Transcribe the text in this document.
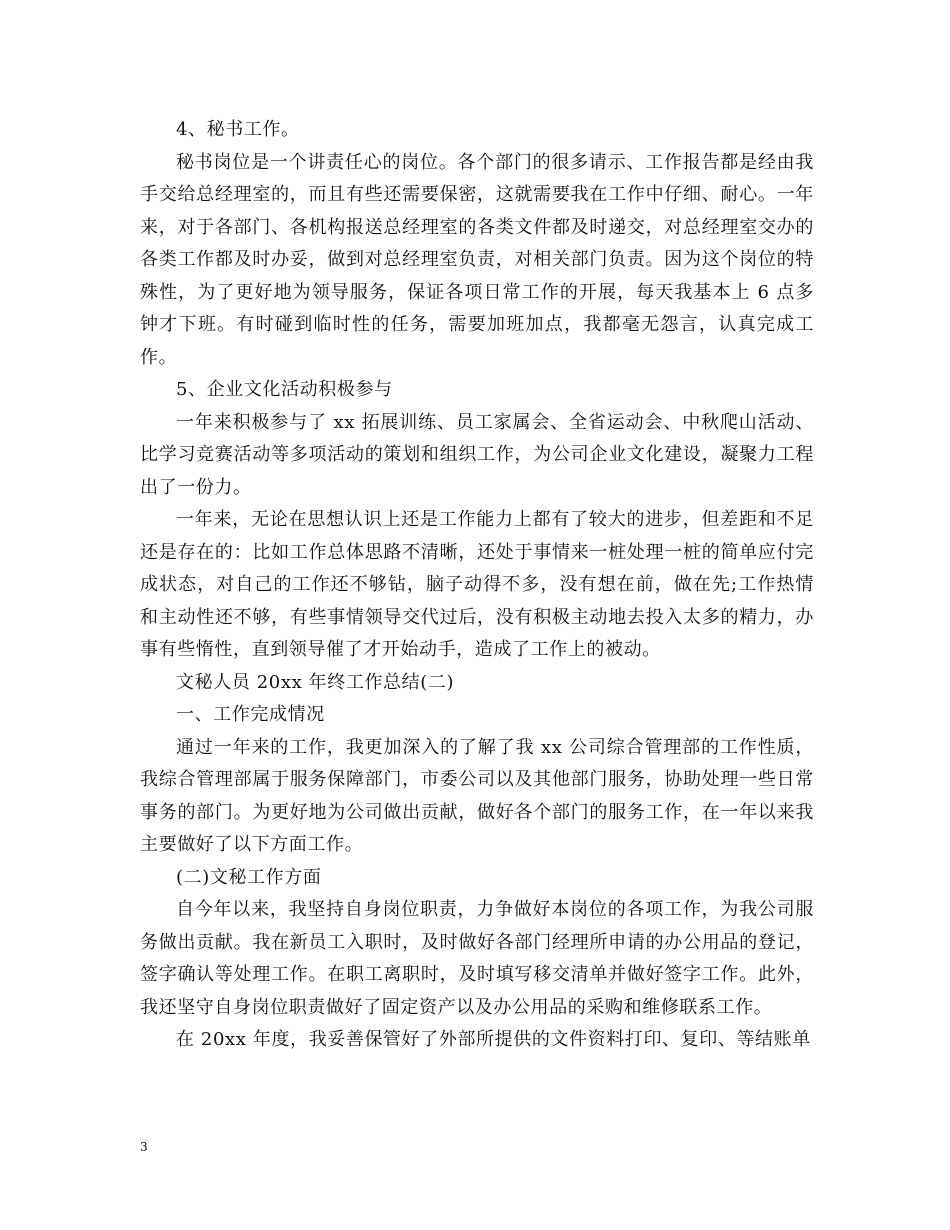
4、秘书工作。

秘书岗位是一个讲责任心的岗位。各个部门的很多请示、工作报告都是经由我手交给总经理室的，而且有些还需要保密，这就需要我在工作中仔细、耐心。一年来，对于各部门、各机构报送总经理室的各类文件都及时递交，对总经理室交办的各类工作都及时办妥，做到对总经理室负责，对相关部门负责。因为这个岗位的特殊性，为了更好地为领导服务，保证各项日常工作的开展，每天我基本上 6 点多钟才下班。有时碰到临时性的任务，需要加班加点，我都毫无怨言，认真完成工作。

5、企业文化活动积极参与

一年来积极参与了 xx 拓展训练、员工家属会、全省运动会、中秋爬山活动、比学习竞赛活动等多项活动的策划和组织工作，为公司企业文化建设，凝聚力工程出了一份力。

一年来，无论在思想认识上还是工作能力上都有了较大的进步，但差距和不足还是存在的：比如工作总体思路不清晰，还处于事情来一桩处理一桩的简单应付完成状态，对自己的工作还不够钻，脑子动得不多，没有想在前，做在先;工作热情和主动性还不够，有些事情领导交代过后，没有积极主动地去投入太多的精力，办事有些惰性，直到领导催了才开始动手，造成了工作上的被动。

文秘人员 20xx 年终工作总结(二)

一、工作完成情况

通过一年来的工作，我更加深入的了解了我 xx 公司综合管理部的工作性质，我综合管理部属于服务保障部门，市委公司以及其他部门服务，协助处理一些日常事务的部门。为更好地为公司做出贡献，做好各个部门的服务工作，在一年以来我主要做好了以下方面工作。

(二)文秘工作方面

自今年以来，我坚持自身岗位职责，力争做好本岗位的各项工作，为我公司服务做出贡献。我在新员工入职时，及时做好各部门经理所申请的办公用品的登记，签字确认等处理工作。在职工离职时，及时填写移交清单并做好签字工作。此外，我还坚守自身岗位职责做好了固定资产以及办公用品的采购和维修联系工作。

在 20xx 年度，我妥善保管好了外部所提供的文件资料打印、复印、等结账单

3
